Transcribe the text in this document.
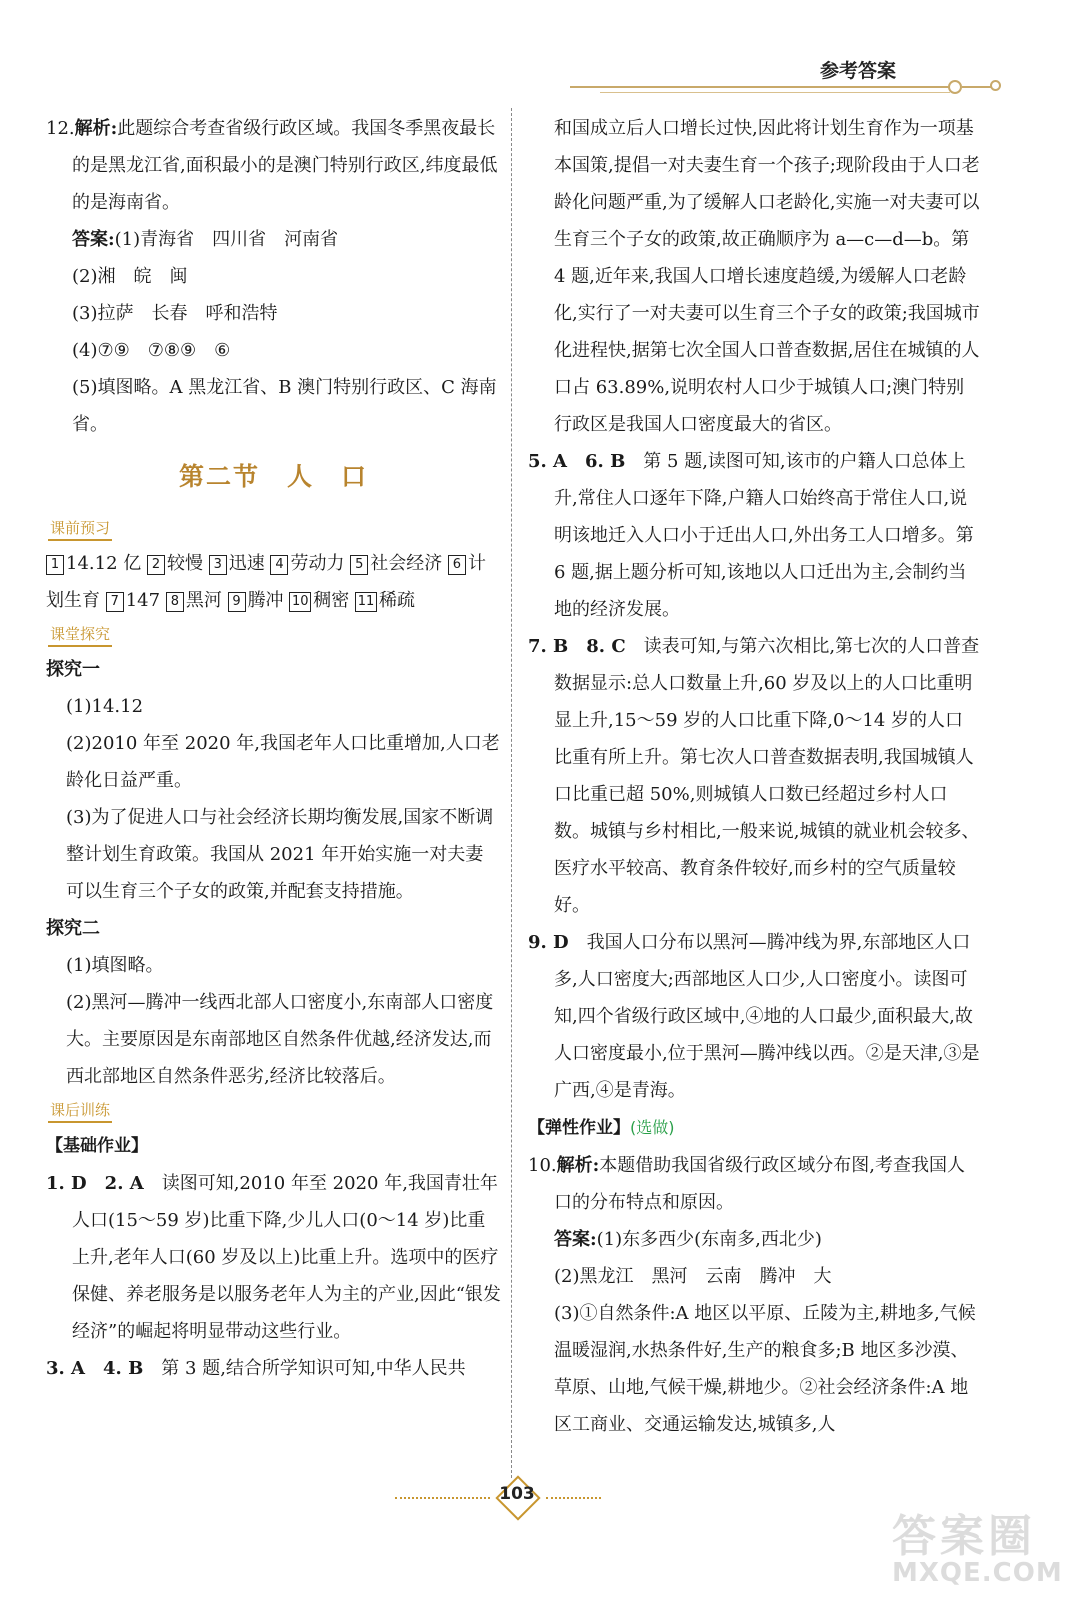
参考答案

12.解析:此题综合考查省级行政区域。我国冬季黑夜最长的是黑龙江省,面积最小的是澳门特别行政区,纬度最低的是海南省。

答案:(1)青海省　四川省　河南省

(2)湘　皖　闽

(3)拉萨　长春　呼和浩特

(4)⑦⑨　⑦⑧⑨　⑥

(5)填图略。A 黑龙江省、B 澳门特别行政区、C 海南省。

第二节　人　口

课前预习

1 14.12 亿 2 较慢 3 迅速 4 劳动力 5 社会经济 6 计划生育 7 147 8 黑河 9 腾冲 10 稠密 11 稀疏

课堂探究

探究一

(1)14.12

(2)2010 年至 2020 年,我国老年人口比重增加,人口老龄化日益严重。

(3)为了促进人口与社会经济长期均衡发展,国家不断调整计划生育政策。我国从 2021 年开始实施一对夫妻可以生育三个子女的政策,并配套支持措施。

探究二

(1)填图略。

(2)黑河—腾冲一线西北部人口密度小,东南部人口密度大。主要原因是东南部地区自然条件优越,经济发达,而西北部地区自然条件恶劣,经济比较落后。

课后训练

【基础作业】

1. D　2. A　 读图可知,2010 年至 2020 年,我国青壮年人口(15～59 岁)比重下降,少儿人口(0～14 岁)比重上升,老年人口(60 岁及以上)比重上升。选项中的医疗保健、养老服务是以服务老年人为主的产业,因此“银发经济”的崛起将明显带动这些行业。

3. A　4. B　 第 3 题,结合所学知识可知,中华人民共

和国成立后人口增长过快,因此将计划生育作为一项基本国策,提倡一对夫妻生育一个孩子;现阶段由于人口老龄化问题严重,为了缓解人口老龄化,实施一对夫妻可以生育三个子女的政策,故正确顺序为 a—c—d—b。第 4 题,近年来,我国人口增长速度趋缓,为缓解人口老龄化,实行了一对夫妻可以生育三个子女的政策;我国城市化进程快,据第七次全国人口普查数据,居住在城镇的人口占 63.89%,说明农村人口少于城镇人口;澳门特别行政区是我国人口密度最大的省区。

5. A　6. B　 第 5 题,读图可知,该市的户籍人口总体上升,常住人口逐年下降,户籍人口始终高于常住人口,说明该地迁入人口小于迁出人口,外出务工人口增多。第 6 题,据上题分析可知,该地以人口迁出为主,会制约当地的经济发展。

7. B　8. C　 读表可知,与第六次相比,第七次的人口普查数据显示:总人口数量上升,60 岁及以上的人口比重明显上升,15～59 岁的人口比重下降,0～14 岁的人口比重有所上升。第七次人口普查数据表明,我国城镇人口比重已超 50%,则城镇人口数已经超过乡村人口数。城镇与乡村相比,一般来说,城镇的就业机会较多、医疗水平较高、教育条件较好,而乡村的空气质量较好。

9. D　 我国人口分布以黑河—腾冲线为界,东部地区人口多,人口密度大;西部地区人口少,人口密度小。读图可知,四个省级行政区域中,④地的人口最少,面积最大,故人口密度最小,位于黑河—腾冲线以西。②是天津,③是广西,④是青海。

【弹性作业】(选做)

10.解析:本题借助我国省级行政区域分布图,考查我国人口的分布特点和原因。

答案:(1)东多西少(东南多,西北少)

(2)黑龙江　黑河　云南　腾冲　大

(3)①自然条件:A 地区以平原、丘陵为主,耕地多,气候温暖湿润,水热条件好,生产的粮食多;B 地区多沙漠、草原、山地,气候干燥,耕地少。②社会经济条件:A 地区工商业、交通运输发达,城镇多,人

103
答案圈
MXQE.COM
